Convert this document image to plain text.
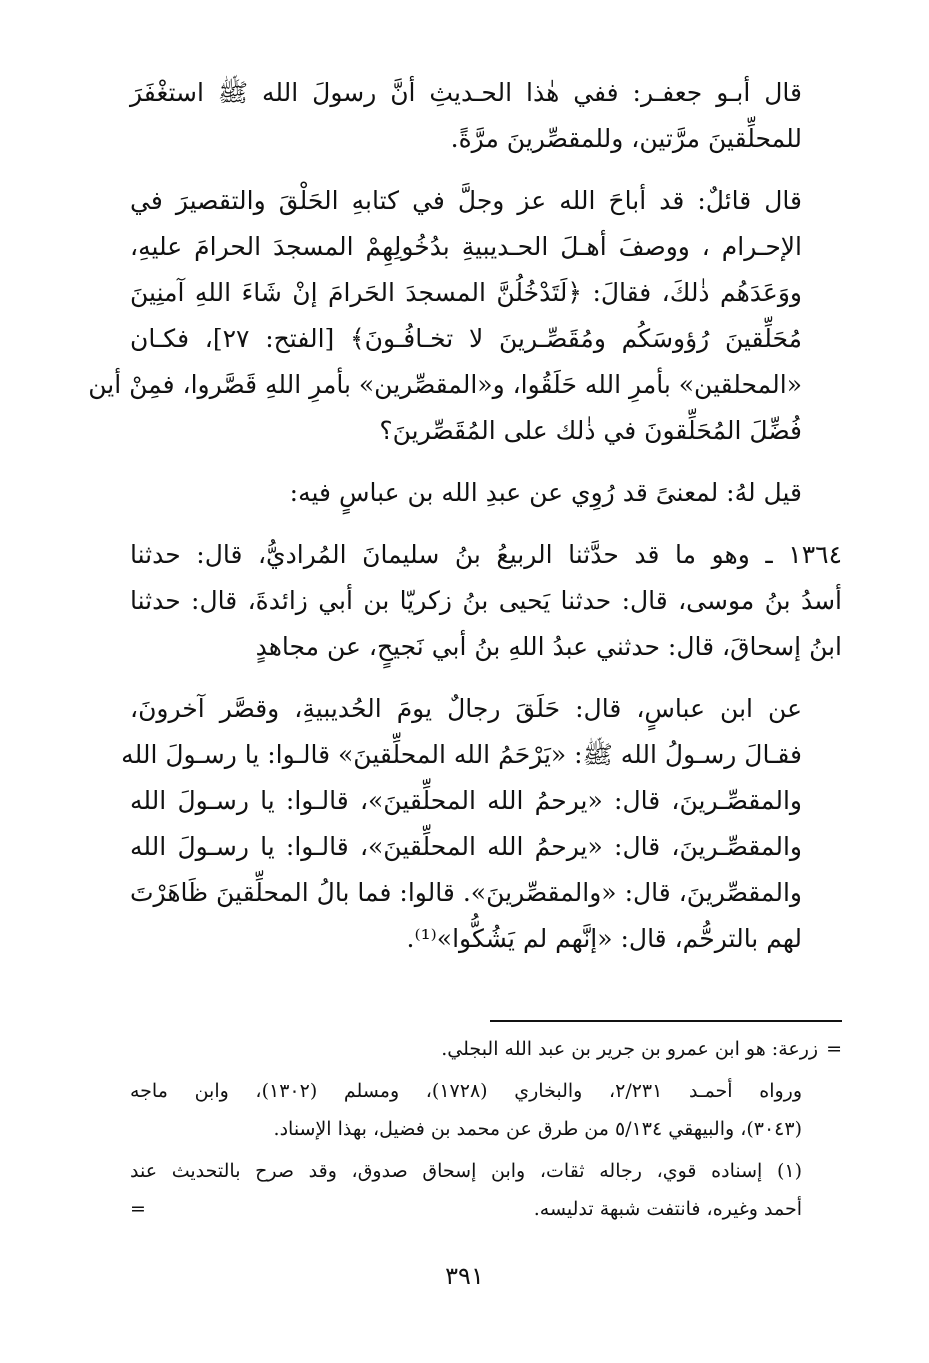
قال أبـو جعفـر: ففي هٰذا الحـديثِ أنَّ رسولَ الله ﷺ استغْفَرَ
للمحلِّقينَ مرَّتين، وللمقصِّرينَ مرَّةً.
قال قائلٌ: قد أباحَ الله عز وجلَّ في كتابهِ الحَلْقَ والتقصيرَ في
الإحـرام ، ووصفَ أهـلَ الحـديبيةِ بدُخُولِهِمْ المسجدَ الحرامَ عليهِ،
ووَعَدَهُم ذٰلكَ، فقالَ: ﴿لَتَدْخُلُنَّ المسجدَ الحَرامَ إنْ شَاءَ اللهِ آمنِينَ
مُحَلِّقينَ رُؤوسَكُم ومُقَصِّـرينَ لا تخـافُـونَ﴾ [الفتح: ٢٧]، فكـان
«المحلقين» بأمرِ الله حَلَقُوا، و«المقصِّرين» بأمرِ اللهِ قَصَّروا، فمِنْ أين
فُضِّلَ المُحَلِّقونَ في ذٰلك على المُقَصِّرينَ؟
قيل لهُ: لمعنىً قد رُوِي عن عبدِ الله بن عباسٍ فيه:
١٣٦٤ ـ وهو ما قد حدَّثنا الربيعُ بنُ سليمانَ المُراديُّ، قال: حدثنا
أسدُ بنُ موسى، قال: حدثنا يَحيى بنُ زكريّا بن أبي زائدةَ، قال: حدثنا
ابنُ إسحاقَ، قال: حدثني عبدُ اللهِ بنُ أبي نَجيحٍ، عن مجاهدٍ
عن ابن عباسٍ، قال: حَلَقَ رجالٌ يومَ الحُديبيةِ، وقصَّر آخرونَ،
فقـالَ رسـولُ الله ﷺ: «يَرْحَمُ الله المحلِّقينَ» قالـوا: يا رسـولَ الله
والمقصِّـرينَ، قال: «يرحمُ الله المحلِّقينَ»، قالـوا: يا رسـولَ الله
والمقصِّـرينَ، قال: «يرحمُ الله المحلِّقينَ»، قالـوا: يا رسـولَ الله
والمقصِّرينَ، قال: «والمقصِّرينَ». قالوا: فما بالُ المحلِّقينَ ظَاهَرْتَ
لهم بالترحُّم، قال: «إنَّهم لم يَشُكُّوا»⁽¹⁾.
=زرعة: هو ابن عمرو بن جرير بن عبد الله البجلي.
ورواه أحمـد ٢/٢٣١، والبخاري (١٧٢٨)، ومسلم (١٣٠٢)، وابن ماجه
(٣٠٤٣)، والبيهقي ٥/١٣٤ من طرق عن محمد بن فضيل، بهذا الإسناد.
(١) إسناده قوي، رجاله ثقات، وابن إسحاق صدوق، وقد صرح بالتحديث عند
أحمد وغيره، فانتفت شبهة تدليسه.
=
٣٩١
